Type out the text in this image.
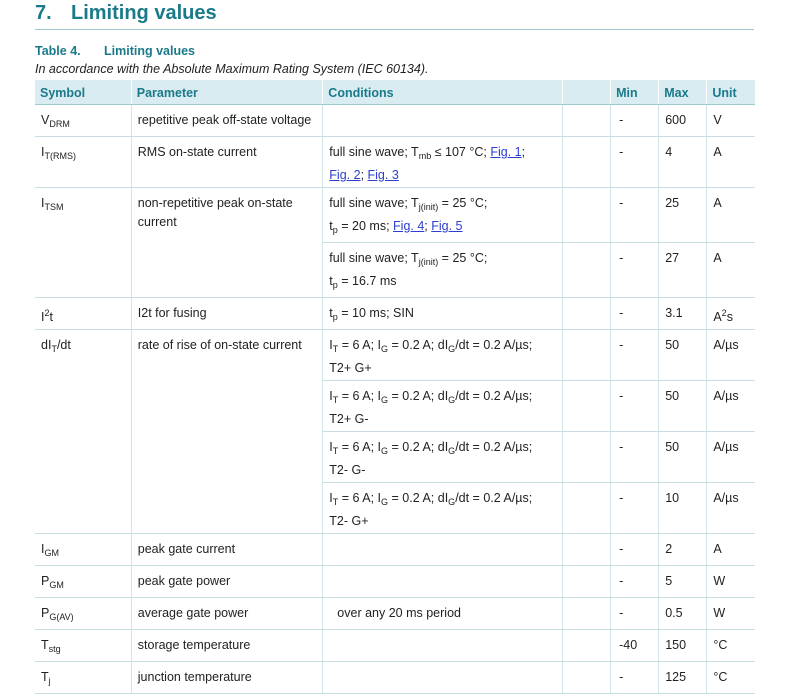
7. Limiting values
Table 4. Limiting values
In accordance with the Absolute Maximum Rating System (IEC 60134).
Symbol	Parameter	Conditions		Min	Max	Unit
$V_{DRM}$	repetitive peak off-state voltage			-	600	V
$I_{T(RMS)}$	RMS on-state current	full sine wave; $T_{mb} \le 107$ °C; Fig. 1;
Fig. 2; Fig. 3		-	4	A
$I_{TSM}$	non-repetitive peak on-state current	full sine wave; $T_{j(init)} = 25$ °C;
$t_p = 20$ ms; Fig. 4; Fig. 5		-	25	A
		full sine wave; $T_{j(init)} = 25$ °C;
$t_p = 16.7$ ms		-	27	A
$I^2t$	I2t for fusing	$t_p = 10$ ms; SIN		-	3.1	$A^2s$
$dI_T/dt$	rate of rise of on-state current	$I_T = 6$ A; $I_G = 0.2$ A; $dI_G/dt = 0.2$ A/µs;
T2+ G+		-	50	A/µs
		$I_T = 6$ A; $I_G = 0.2$ A; $dI_G/dt = 0.2$ A/µs;
T2+ G-		-	50	A/µs
		$I_T = 6$ A; $I_G = 0.2$ A; $dI_G/dt = 0.2$ A/µs;
T2- G-		-	50	A/µs
		$I_T = 6$ A; $I_G = 0.2$ A; $dI_G/dt = 0.2$ A/µs;
T2- G+		-	10	A/µs
$I_{GM}$	peak gate current			-	2	A
$P_{GM}$	peak gate power			-	5	W
$P_{G(AV)}$	average gate power	over any 20 ms period		-	0.5	W
$T_{stg}$	storage temperature			-40	150	°C
$T_j$	junction temperature			-	125	°C
